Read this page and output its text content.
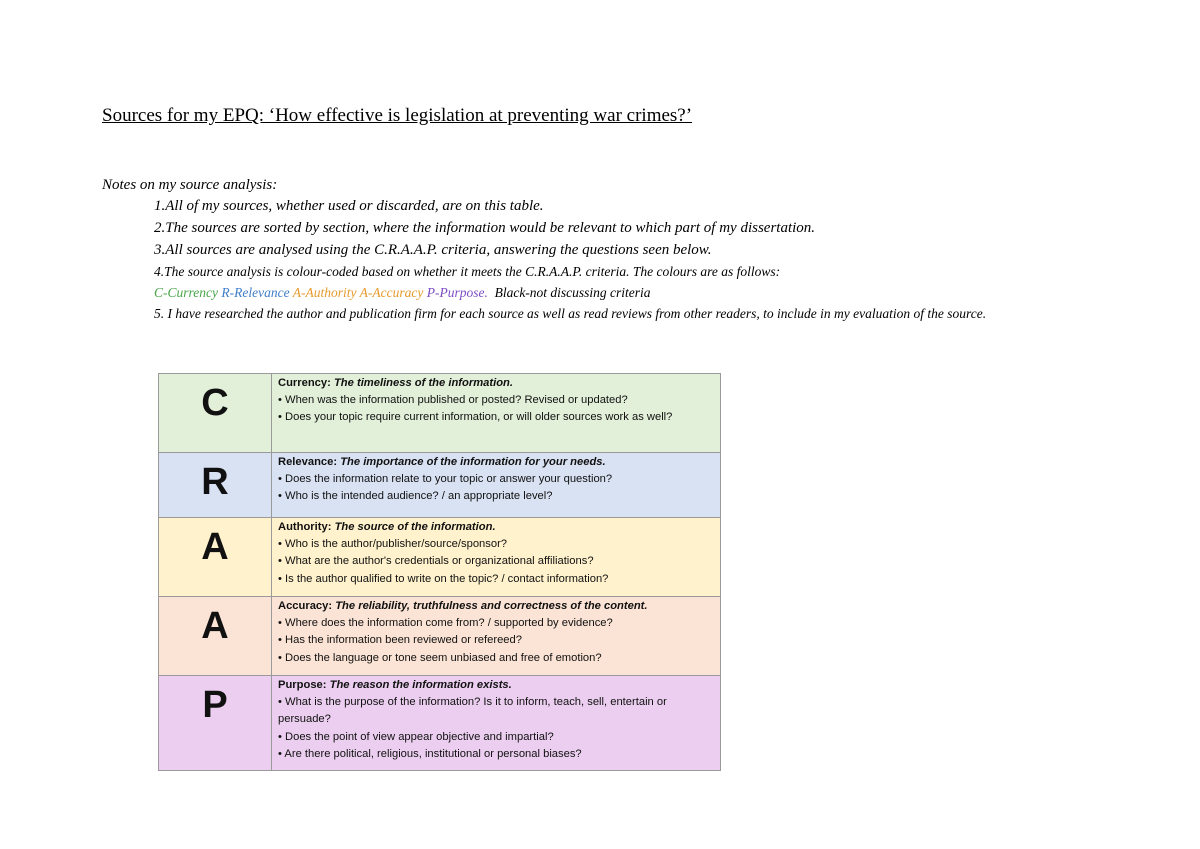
Sources for my EPQ: ‘How effective is legislation at preventing war crimes?’
Notes on my source analysis:
1.All of my sources, whether used or discarded, are on this table.
2.The sources are sorted by section, where the information would be relevant to which part of my dissertation.
3.All sources are analysed using the C.R.A.A.P. criteria, answering the questions seen below.
4.The source analysis is colour-coded based on whether it meets the C.R.A.A.P. criteria. The colours are as follows:
C-Currency R-Relevance A-Authority A-Accuracy P-Purpose. Black-not discussing criteria
5. I have researched the author and publication firm for each source as well as read reviews from other readers, to include in my evaluation of the source.
C	Currency: The timeliness of the information.
• When was the information published or posted? Revised or updated?
• Does your topic require current information, or will older sources work as well?

R	Relevance: The importance of the information for your needs.
• Does the information relate to your topic or answer your question?
• Who is the intended audience? / an appropriate level?

A	Authority: The source of the information.
• Who is the author/publisher/source/sponsor?
• What are the author's credentials or organizational affiliations?
• Is the author qualified to write on the topic? / contact information?

A	Accuracy: The reliability, truthfulness and correctness of the content.
• Where does the information come from? / supported by evidence?
• Has the information been reviewed or refereed?
• Does the language or tone seem unbiased and free of emotion?

P	Purpose: The reason the information exists.
• What is the purpose of the information? Is it to inform, teach, sell, entertain or persuade?
• Does the point of view appear objective and impartial?
• Are there political, religious, institutional or personal biases?
